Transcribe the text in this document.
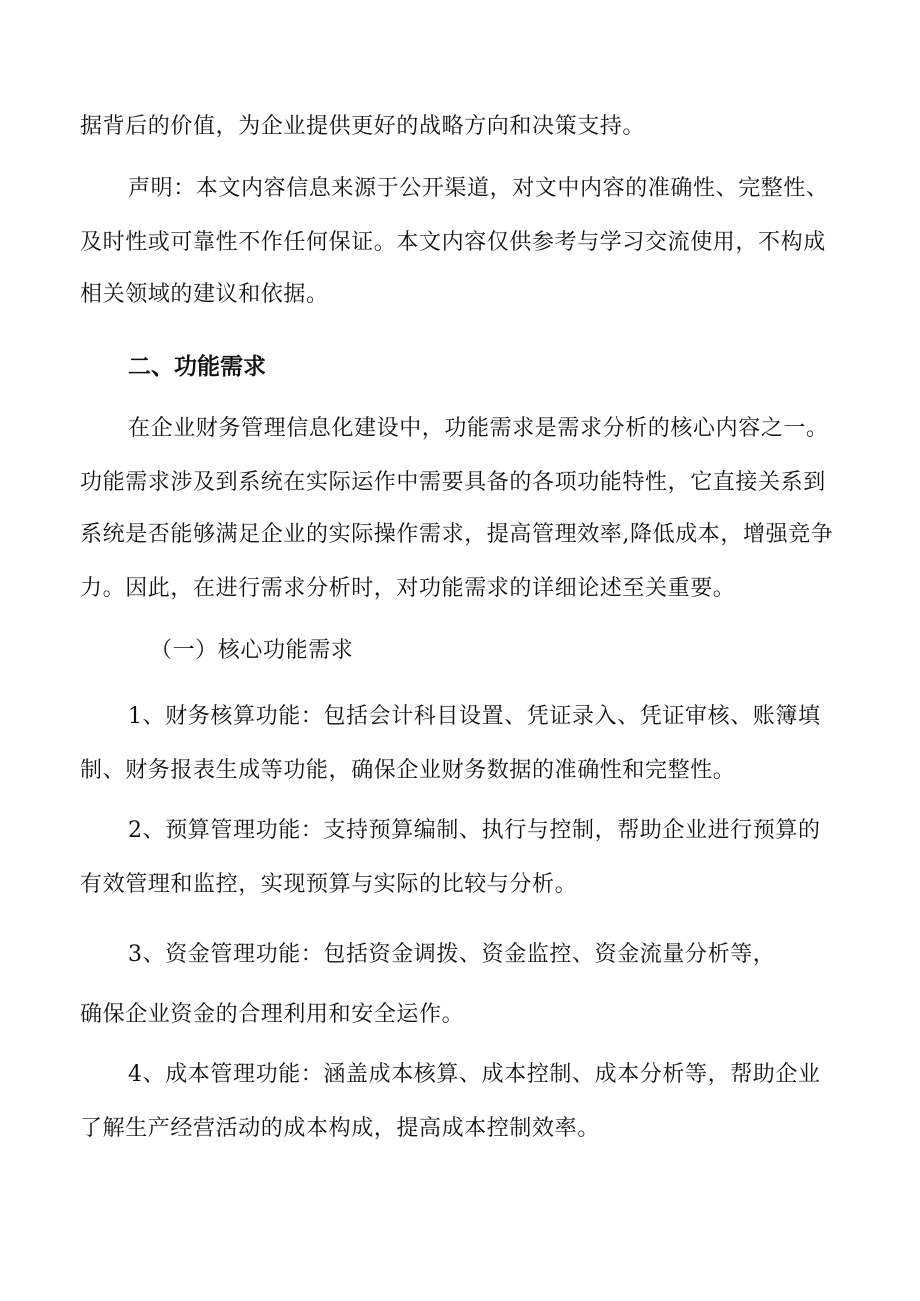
据背后的价值，为企业提供更好的战略方向和决策支持。
声明：本文内容信息来源于公开渠道，对文中内容的准确性、完整性、
及时性或可靠性不作任何保证。本文内容仅供参考与学习交流使用，不构成
相关领域的建议和依据。
二、功能需求
在企业财务管理信息化建设中，功能需求是需求分析的核心内容之一。
功能需求涉及到系统在实际运作中需要具备的各项功能特性，它直接关系到
系统是否能够满足企业的实际操作需求，提高管理效率,降低成本，增强竞争
力。因此，在进行需求分析时，对功能需求的详细论述至关重要。
（一）核心功能需求
1、财务核算功能：包括会计科目设置、凭证录入、凭证审核、账簿填
制、财务报表生成等功能，确保企业财务数据的准确性和完整性。
2、预算管理功能：支持预算编制、执行与控制，帮助企业进行预算的
有效管理和监控，实现预算与实际的比较与分析。
3、资金管理功能：包括资金调拨、资金监控、资金流量分析等，
确保企业资金的合理利用和安全运作。
4、成本管理功能：涵盖成本核算、成本控制、成本分析等，帮助企业
了解生产经营活动的成本构成，提高成本控制效率。
